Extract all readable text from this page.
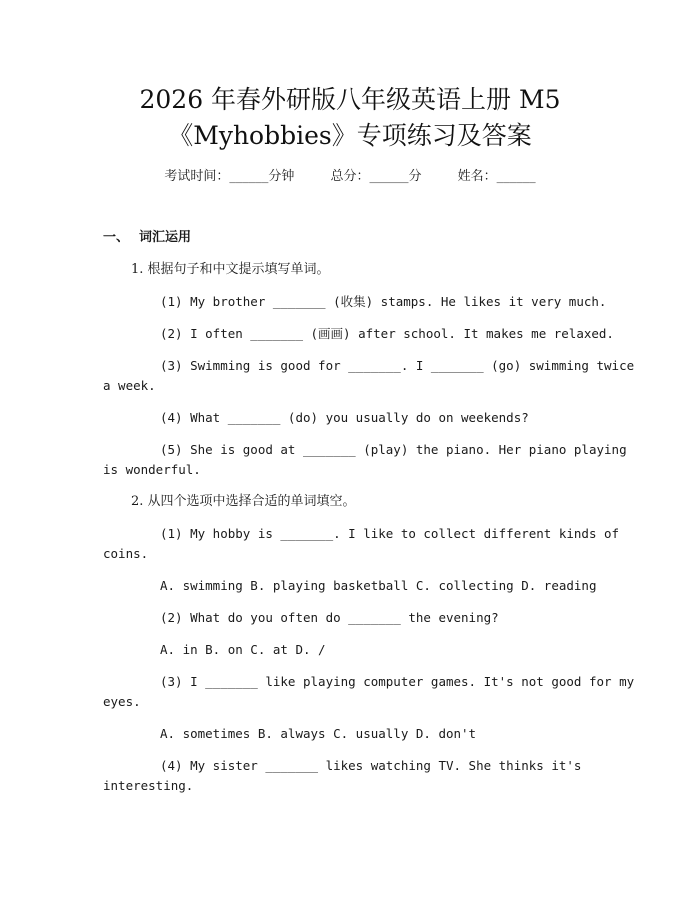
2026 年春外研版八年级英语上册 M5
《Myhobbies》专项练习及答案
考试时间：______分钟	总分：______分	姓名：______
一、 词汇运用
1. 根据句子和中文提示填写单词。
(1) My brother _______ (收集) stamps. He likes it very much.
(2) I often _______ (画画) after school. It makes me relaxed.
(3) Swimming is good for _______. I _______ (go) swimming twice
a week.
(4) What _______ (do) you usually do on weekends?
(5) She is good at _______ (play) the piano. Her piano playing
is wonderful.
2. 从四个选项中选择合适的单词填空。
(1) My hobby is _______. I like to collect different kinds of
coins.
A. swimming B. playing basketball C. collecting D. reading
(2) What do you often do _______ the evening?
A. in B. on C. at D. /
(3) I _______ like playing computer games. It's not good for my
eyes.
A. sometimes B. always C. usually D. don't
(4) My sister _______ likes watching TV. She thinks it's
interesting.
